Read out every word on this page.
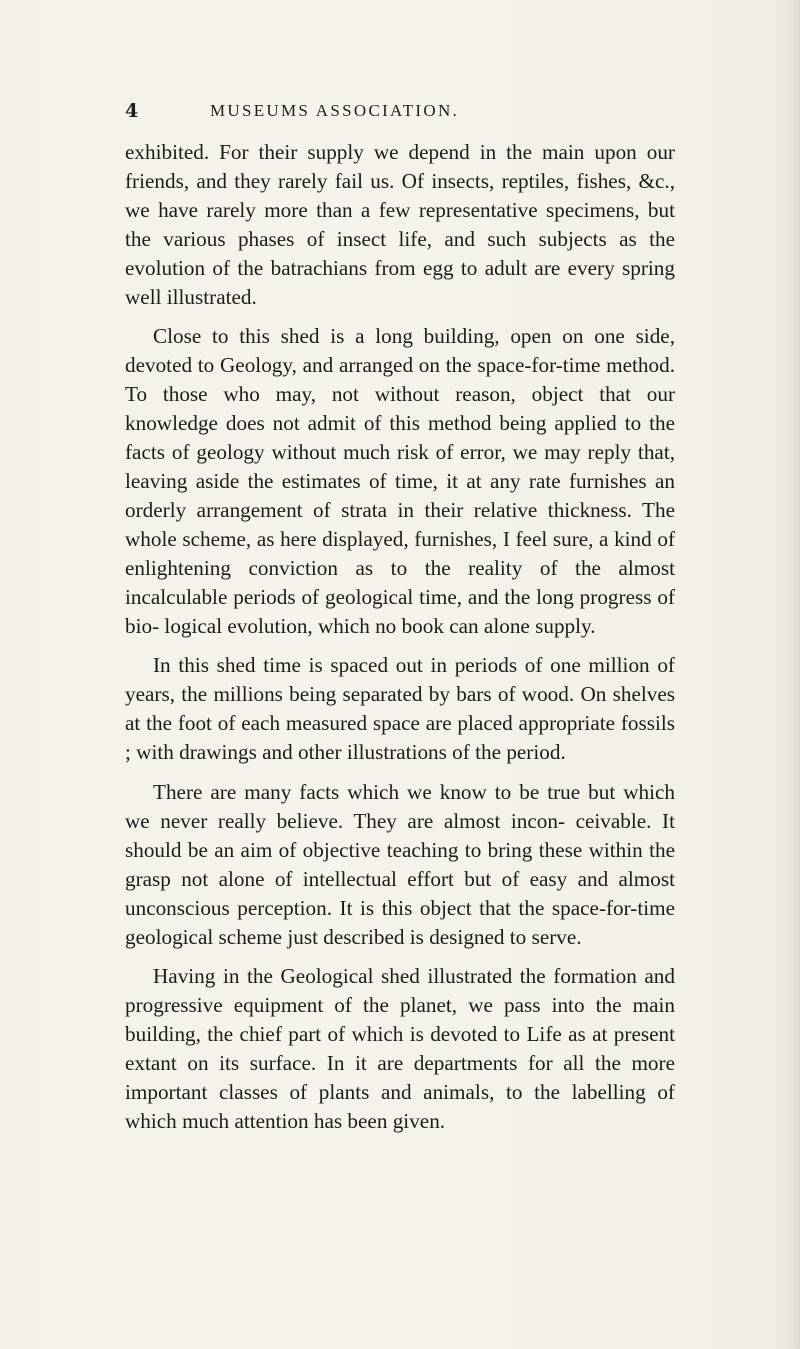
4	MUSEUMS ASSOCIATION.

exhibited. For their supply we depend in the main upon our friends, and they rarely fail us. Of insects, reptiles, fishes, &c., we have rarely more than a few representative specimens, but the various phases of insect life, and such subjects as the evolution of the batrachians from egg to adult are every spring well illustrated.

Close to this shed is a long building, open on one side, devoted to Geology, and arranged on the space-for-time method. To those who may, not without reason, object that our knowledge does not admit of this method being applied to the facts of geology without much risk of error, we may reply that, leaving aside the estimates of time, it at any rate furnishes an orderly arrangement of strata in their relative thickness. The whole scheme, as here displayed, furnishes, I feel sure, a kind of enlightening conviction as to the reality of the almost incalculable periods of geological time, and the long progress of bio- logical evolution, which no book can alone supply.

In this shed time is spaced out in periods of one million of years, the millions being separated by bars of wood. On shelves at the foot of each measured space are placed appropriate fossils ; with drawings and other illustrations of the period.

There are many facts which we know to be true but which we never really believe. They are almost incon- ceivable. It should be an aim of objective teaching to bring these within the grasp not alone of intellectual effort but of easy and almost unconscious perception. It is this object that the space-for-time geological scheme just described is designed to serve.

Having in the Geological shed illustrated the formation and progressive equipment of the planet, we pass into the main building, the chief part of which is devoted to Life as at present extant on its surface. In it are departments for all the more important classes of plants and animals, to the labelling of which much attention has been given.
